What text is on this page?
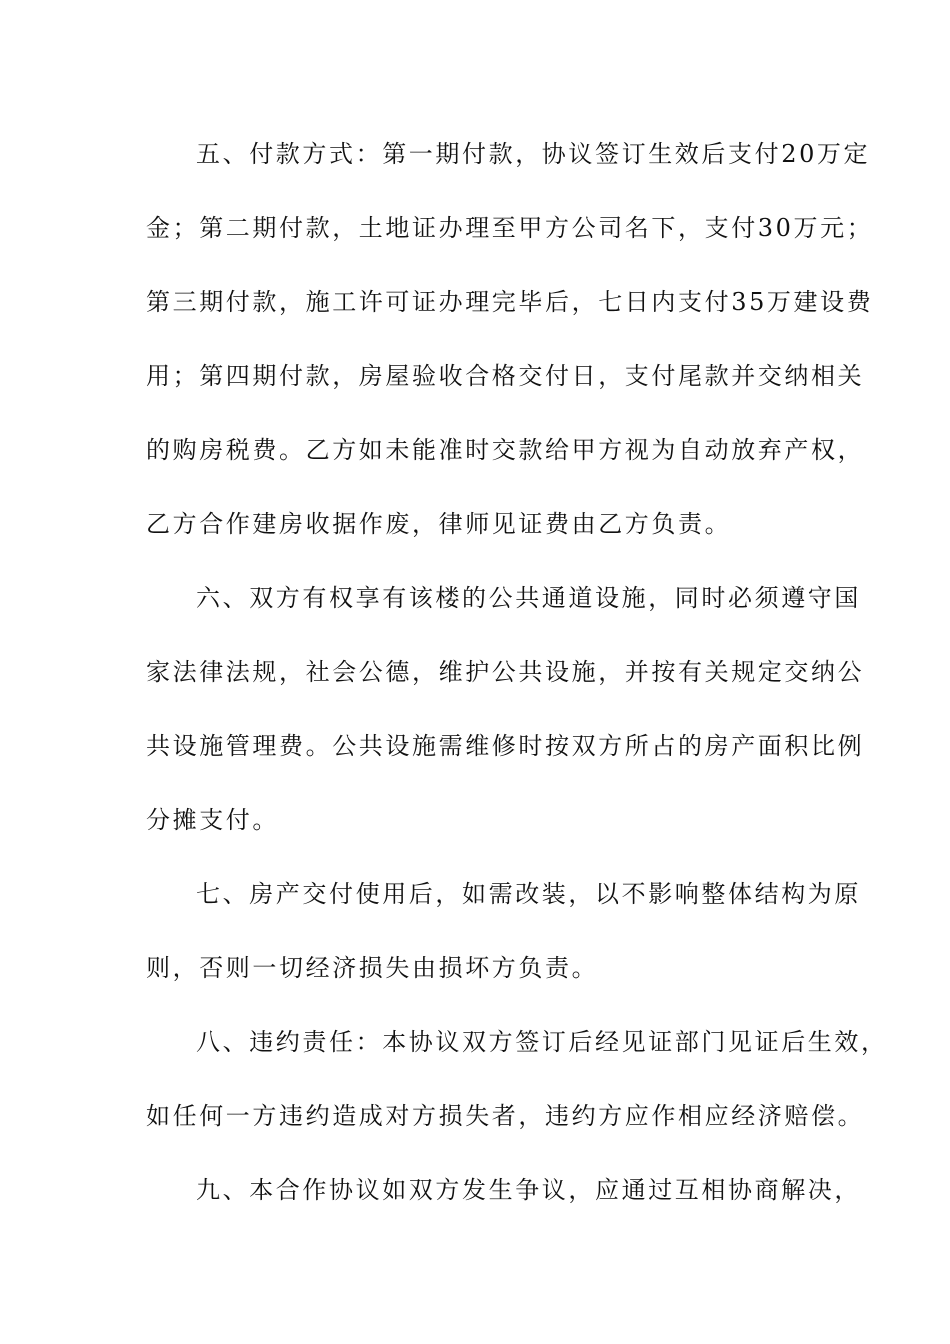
五、付款方式：第一期付款，协议签订生效后支付20万定

金；第二期付款，土地证办理至甲方公司名下，支付30万元；

第三期付款，施工许可证办理完毕后，七日内支付35万建设费

用；第四期付款，房屋验收合格交付日，支付尾款并交纳相关

的购房税费。乙方如未能准时交款给甲方视为自动放弃产权，

乙方合作建房收据作废，律师见证费由乙方负责。

六、双方有权享有该楼的公共通道设施，同时必须遵守国

家法律法规，社会公德，维护公共设施，并按有关规定交纳公

共设施管理费。公共设施需维修时按双方所占的房产面积比例

分摊支付。

七、房产交付使用后，如需改装，以不影响整体结构为原

则，否则一切经济损失由损坏方负责。

八、违约责任：本协议双方签订后经见证部门见证后生效，

如任何一方违约造成对方损失者，违约方应作相应经济赔偿。

九、本合作协议如双方发生争议，应通过互相协商解决，
